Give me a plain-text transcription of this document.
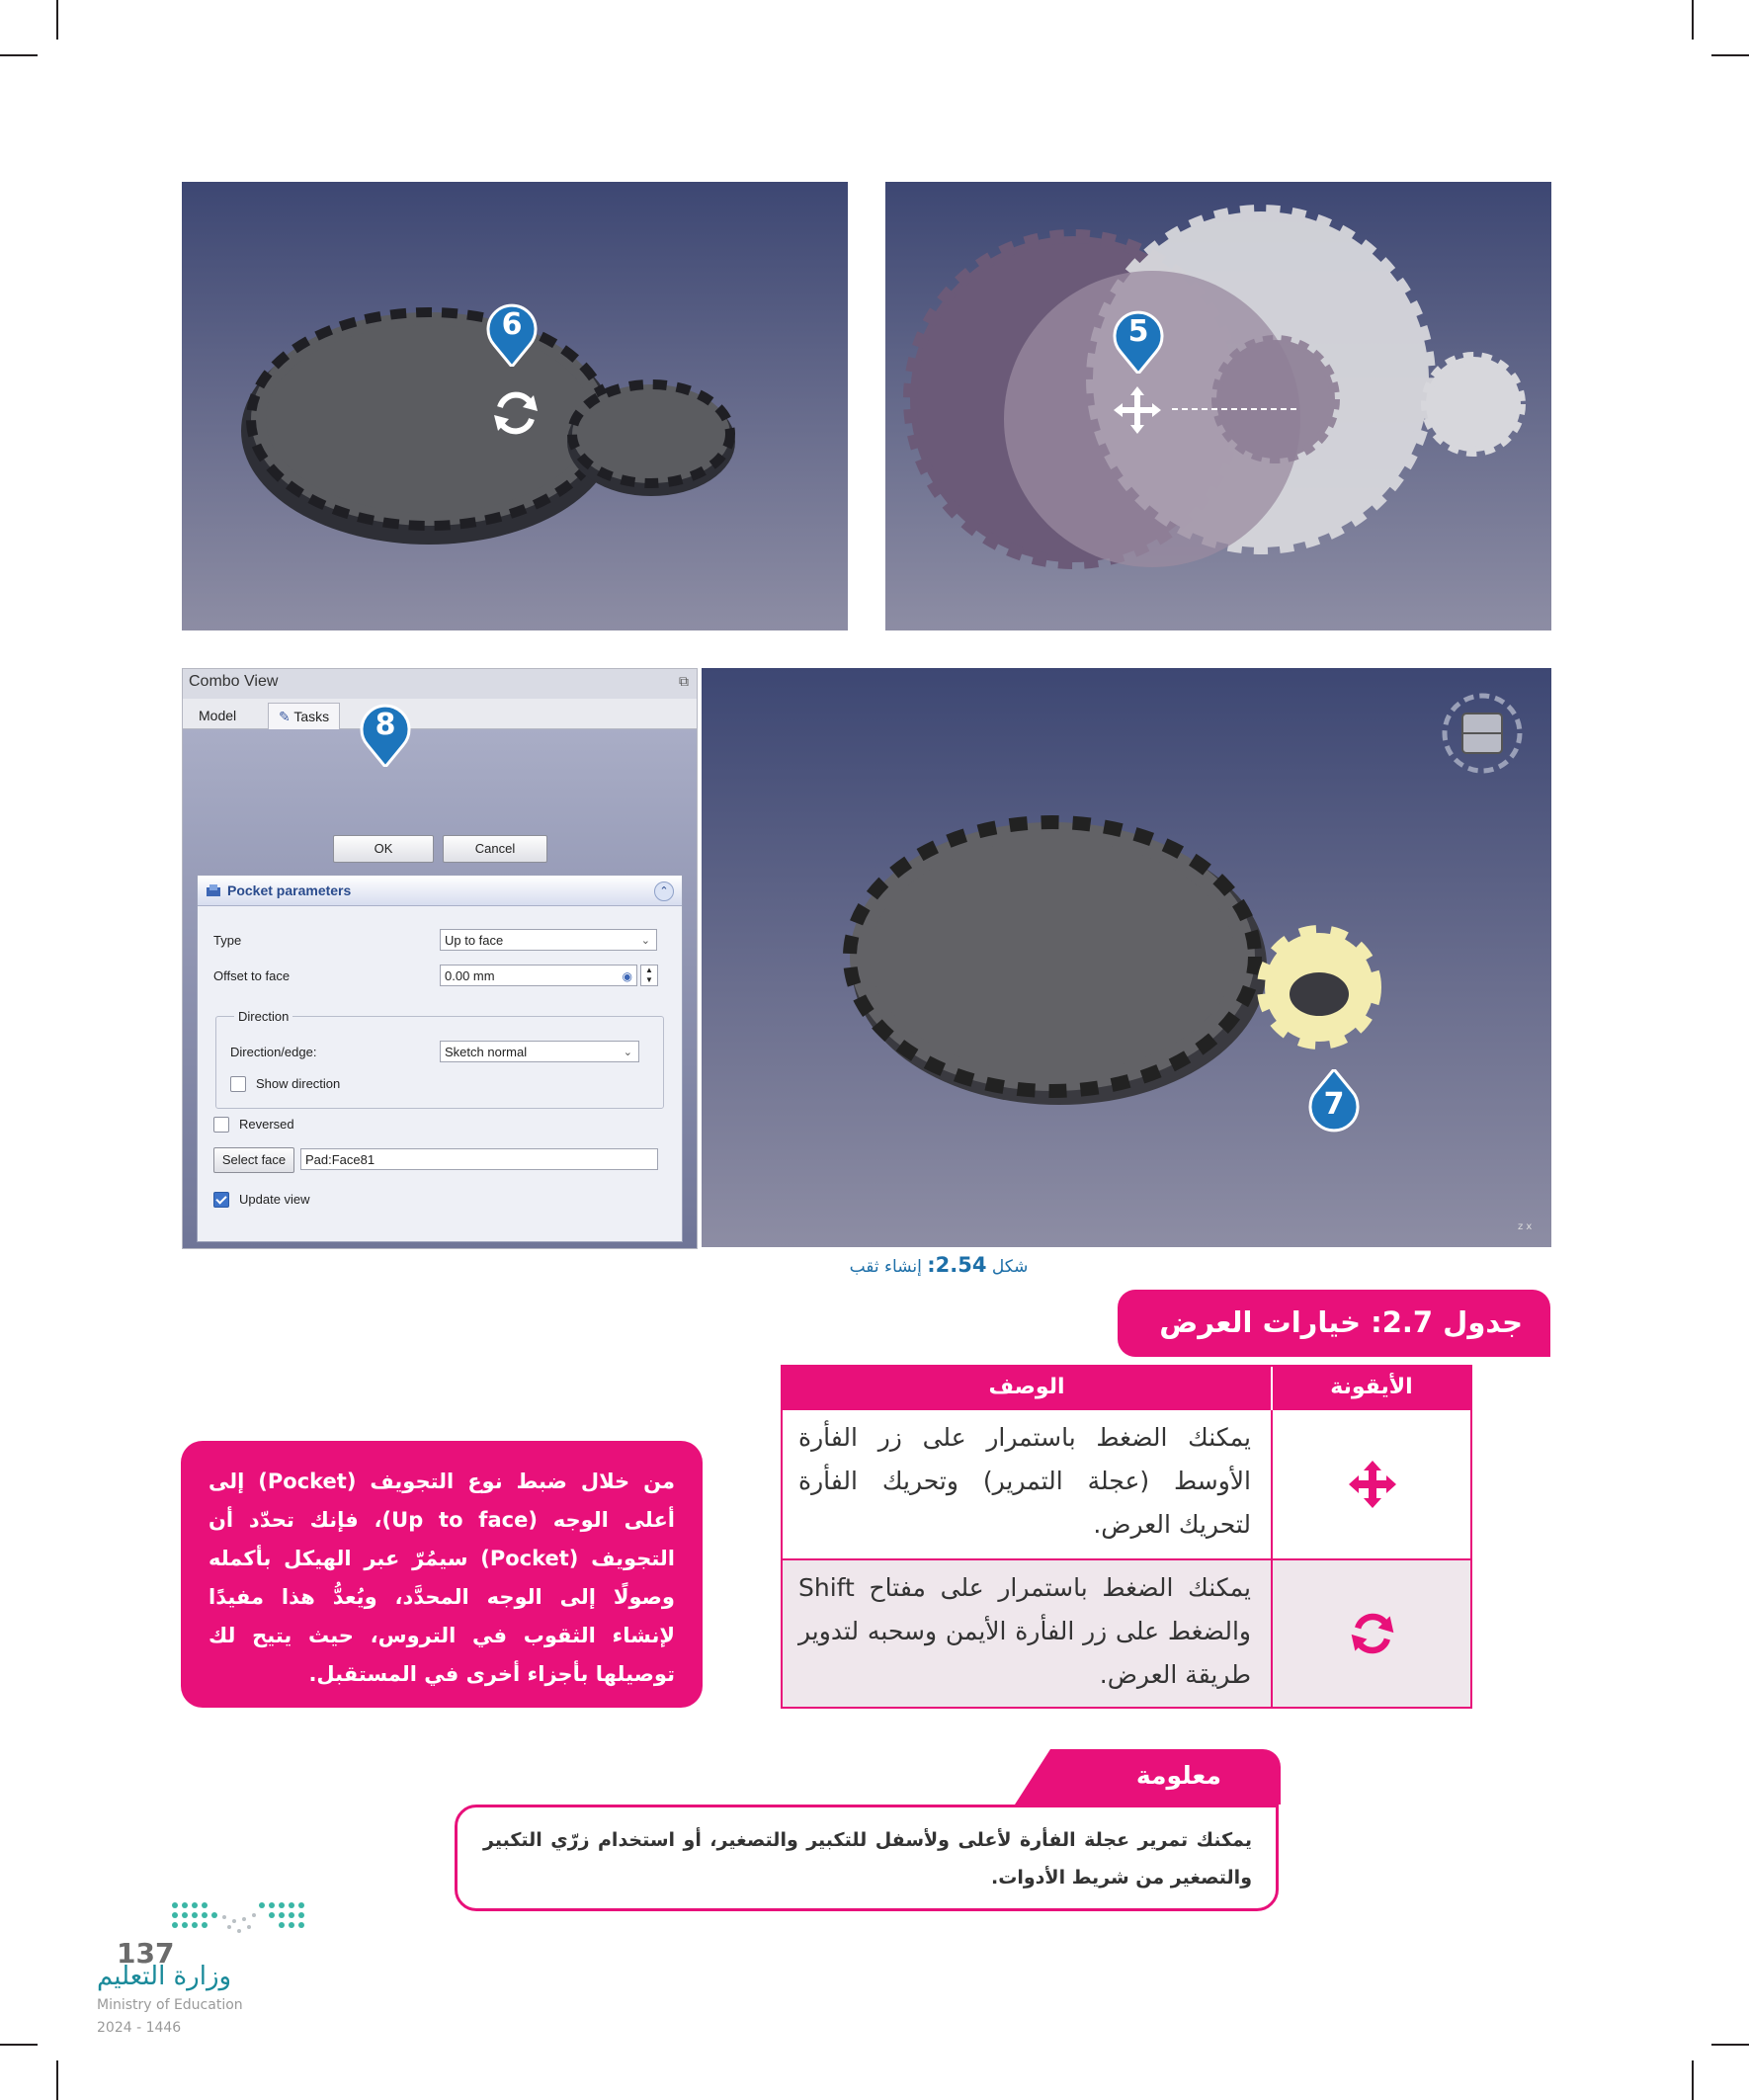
z x
Combo View	⧉
Model	✎ Tasks
OK	Cancel
Pocket parameters	⌃
Type	Up to face	⌄
Offset to face	0.00 mm	◉	▲
▼
Direction
Direction/edge:	Sketch normal	⌄
Show direction
Reversed
Select face	Pad:Face81
Update view
6	5
8
7
شكل 2.54: إنشاء ثقب
جدول 2.7: خيارات العرض
الوصف	الأيقونة
يمكنك الضغط باستمرار على زر الفأرة الأوسط (عجلة التمرير) وتحريك الفأرة لتحريك العرض.
يمكنك الضغط باستمرار على مفتاح Shift والضغط على زر الفأرة الأيمن وسحبه لتدوير طريقة العرض.

من خلال ضبط نوع التجويف (Pocket) إلى أعلى الوجه (Up to face)، فإنك تحدّد أن التجويف (Pocket) سيمُرّ عبر الهيكل بأكمله وصولًا إلى الوجه المحدَّد، ويُعدُّ هذا مفيدًا لإنشاء الثقوب في التروس، حيث يتيح لك توصيلها بأجزاء أخرى في المستقبل.

معلومة

يمكنك تمرير عجلة الفأرة لأعلى ولأسفل للتكبير والتصغير، أو استخدام زرّي التكبير والتصغير من شريط الأدوات.

137
وزارة التعليم
Ministry of Education
2024 - 1446
